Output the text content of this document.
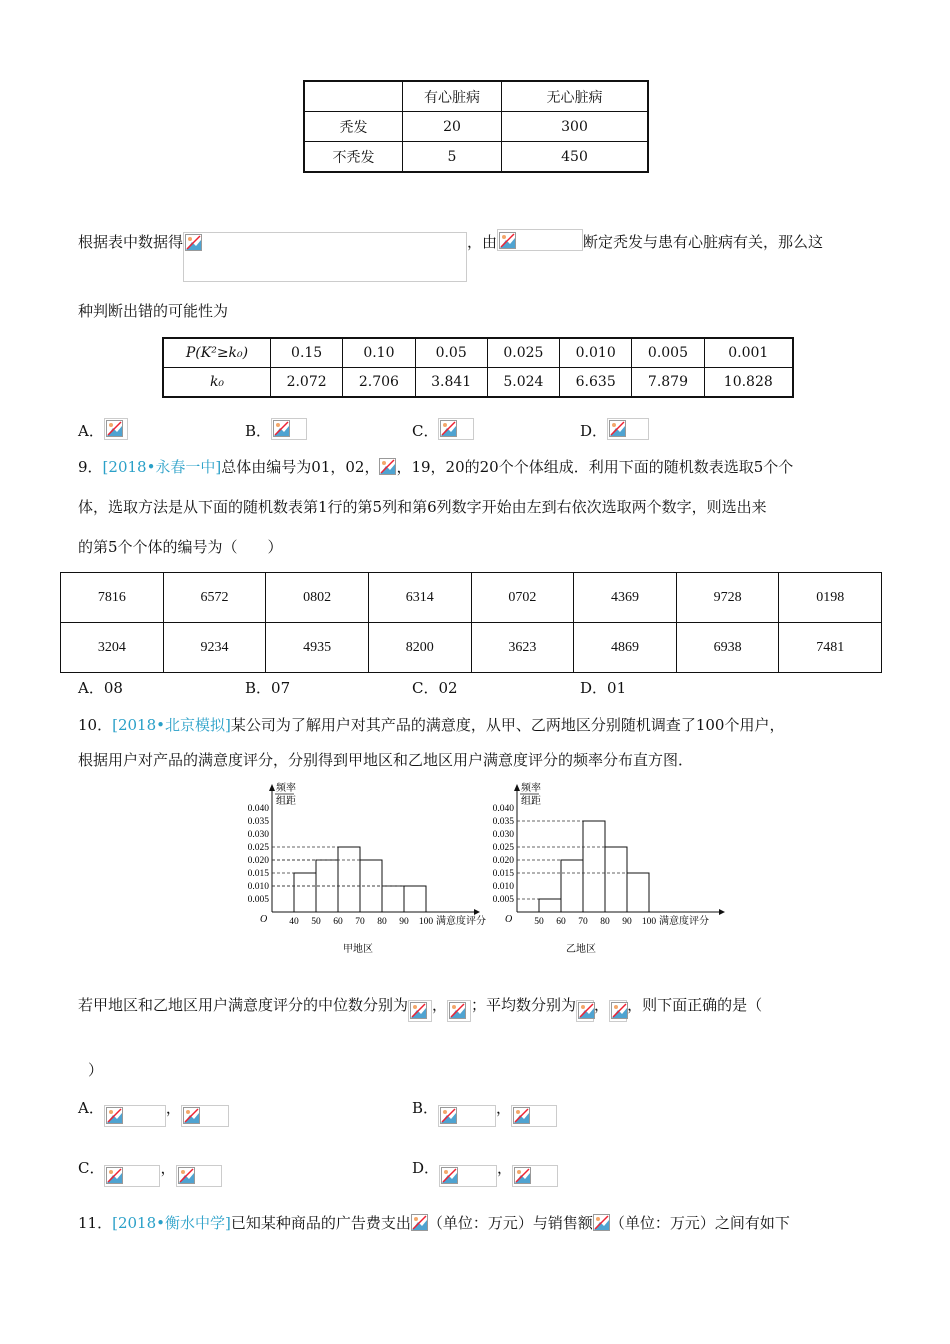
	有心脏病	无心脏病
秃发	20	300
不秃发	5	450
根据表中数据得	，由	断定秃发与患有心脏病有关，那么这
种判断出错的可能性为
P(K²≥k₀)	0.15	0.10	0.05	0.025	0.010	0.005	0.001
k₀	2.072	2.706	3.841	5.024	6.635	7.879	10.828
A．	B．	C．	D．
9．[2018•永春一中]总体由编号为01，02， ，19，20的20个个体组成．利用下面的随机数表选取5个个
体，选取方法是从下面的随机数表第1行的第5列和第6列数字开始由左到右依次选取两个数字，则选出来
的第5个个体的编号为（　　）
7816	6572	0802	6314	0702	4369	9728	0198
3204	9234	4935	8200	3623	4869	6938	7481
A．08	B．07	C．02	D．01
10．[2018•北京模拟]某公司为了解用户对其产品的满意度，从甲、乙两地区分别随机调查了100个用户，
根据用户对产品的满意度评分，分别得到甲地区和乙地区用户满意度评分的频率分布直方图．
频率
组距
0.005
0.010
0.015
0.020
0.025
0.030
0.035
0.040
O 40 50 60 70 80 90 100 满意度评分
甲地区
频率
组距
0.005
0.010
0.015
0.020
0.025
0.030
0.035
0.040
O 50 60 70 80 90 100 满意度评分
乙地区
若甲地区和乙地区用户满意度评分的中位数分别为 ， ；平均数分别为 ， ，则下面正确的是（
）
A．	，	B．	，
C．	，	D．	，
11．[2018•衡水中学]已知某种商品的广告费支出 （单位：万元）与销售额 （单位：万元）之间有如下
